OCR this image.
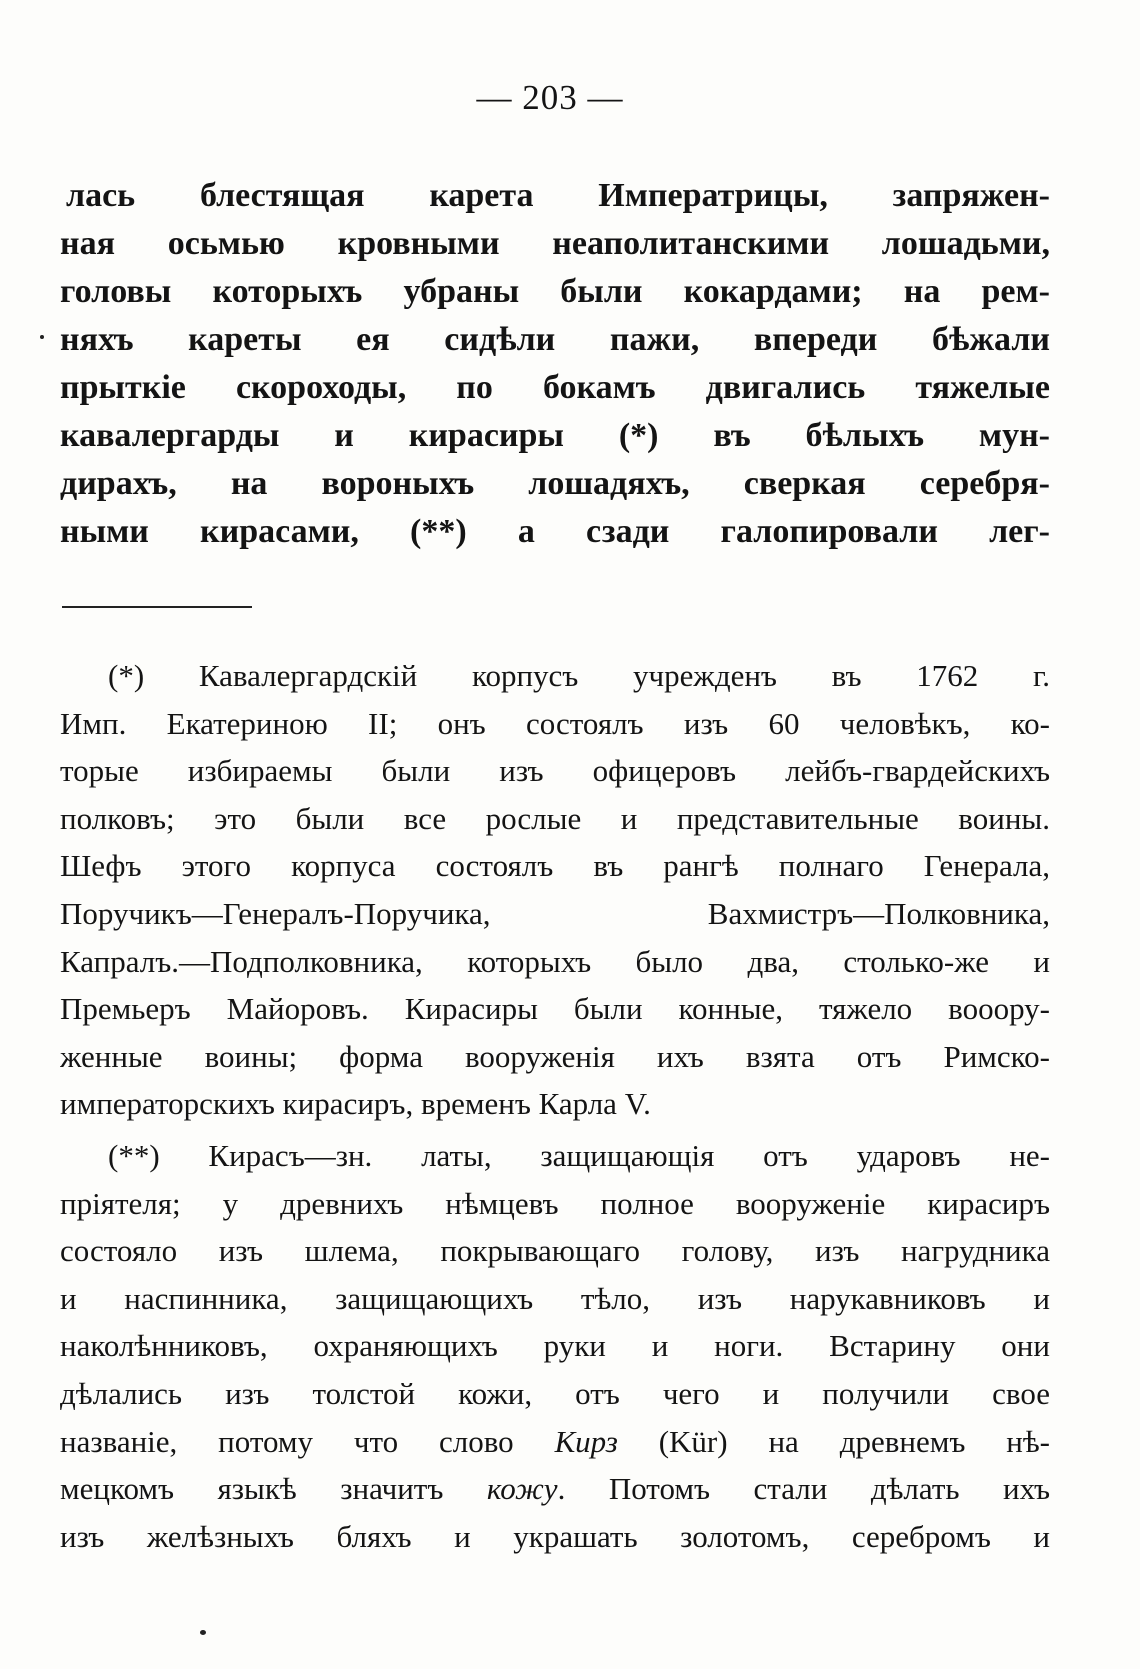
— 203 —
лась блестящая карета Императрицы, запряжен-
ная осьмью кровными неаполитанскими лошадьми,
головы которыхъ убраны были кокардами; на рем-
няхъ кареты ея сидѣли пажи, впереди бѣжали
прыткіе скороходы, по бокамъ двигались тяжелые
кавалергарды и кирасиры (*) въ бѣлыхъ мун-
дирахъ, на вороныхъ лошадяхъ, сверкая серебря-
ными кирасами, (**) а сзади галопировали лег-
(*) Кавалергардскій корпусъ учрежденъ въ 1762 г.
Имп. Екатериною II; онъ состоялъ изъ 60 человѣкъ, ко-
торые избираемы были изъ офицеровъ лейбъ-гвардейскихъ
полковъ; это были все рослые и представительные воины.
Шефъ этого корпуса состоялъ въ рангѣ полнаго Генерала,
Поручикъ—Генералъ-Поручика, Вахмистръ—Полковника,
Капралъ.—Подполковника, которыхъ было два, столько-же и
Премьеръ Майоровъ. Кирасиры были конные, тяжело вооору-
женные воины; форма вооруженія ихъ взята отъ Римско-
императорскихъ кирасиръ, временъ Карла V.
(**) Кирасъ—зн. латы, защищающія отъ ударовъ не-
пріятеля; у древнихъ нѣмцевъ полное вооруженіе кирасиръ
состояло изъ шлема, покрывающаго голову, изъ нагрудника
и наспинника, защищающихъ тѣло, изъ нарукавниковъ и
наколѣнниковъ, охраняющихъ руки и ноги. Встарину они
дѣлались изъ толстой кожи, отъ чего и получили свое
названіе, потому что слово Кирз (Kür) на древнемъ нѣ-
мецкомъ языкѣ значитъ кожу. Потомъ стали дѣлать ихъ
изъ желѣзныхъ бляхъ и украшать золотомъ, серебромъ и
